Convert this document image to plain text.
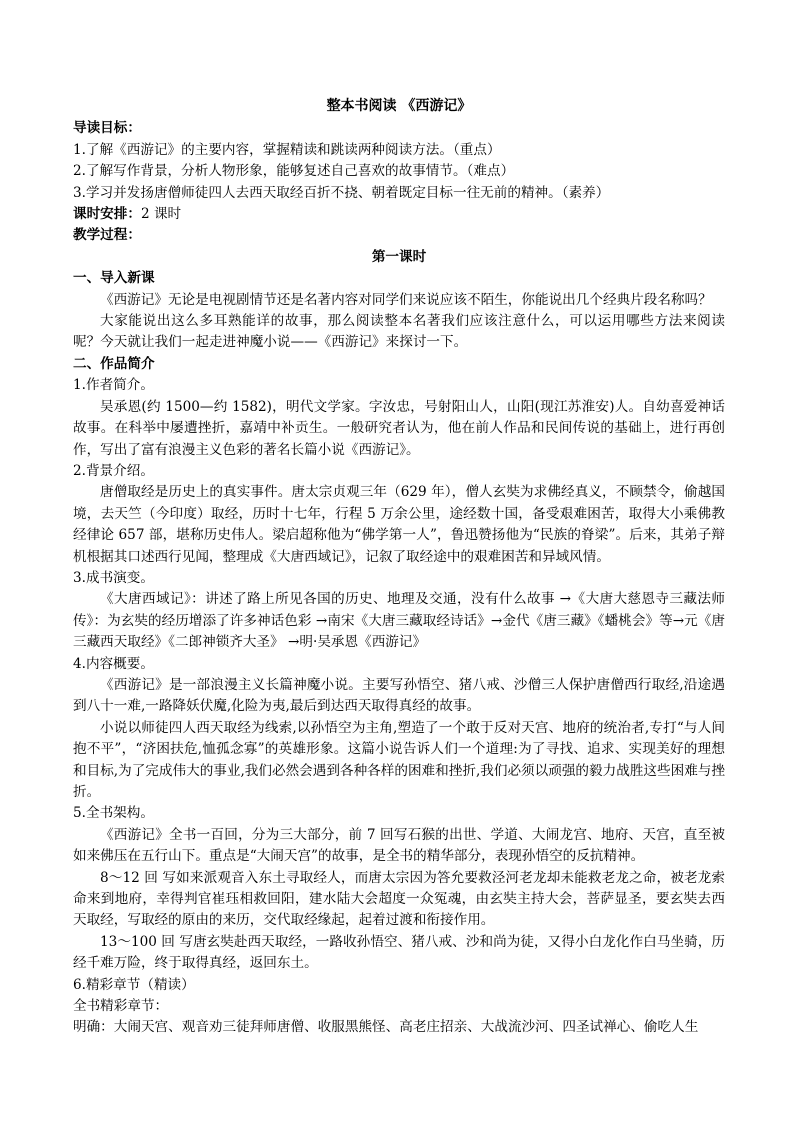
整本书阅读 《西游记》

导读目标：

1.了解《西游记》的主要内容，掌握精读和跳读两种阅读方法。（重点）

2.了解写作背景，分析人物形象，能够复述自己喜欢的故事情节。（难点）

3.学习并发扬唐僧师徒四人去西天取经百折不挠、朝着既定目标一往无前的精神。（素养）

课时安排：2 课时

教学过程：

第一课时

一、导入新课

《西游记》无论是电视剧情节还是名著内容对同学们来说应该不陌生，你能说出几个经典片段名称吗？

大家能说出这么多耳熟能详的故事，那么阅读整本名著我们应该注意什么，可以运用哪些方法来阅读呢？今天就让我们一起走进神魔小说——《西游记》来探讨一下。

二、作品简介

1.作者简介。

吴承恩(约 1500—约 1582)，明代文学家。字汝忠，号射阳山人，山阳(现江苏淮安)人。自幼喜爱神话故事。在科举中屡遭挫折，嘉靖中补贡生。一般研究者认为，他在前人作品和民间传说的基础上，进行再创作，写出了富有浪漫主义色彩的著名长篇小说《西游记》。

2.背景介绍。

唐僧取经是历史上的真实事件。唐太宗贞观三年（629 年），僧人玄奘为求佛经真义，不顾禁令，偷越国境，去天竺（今印度）取经，历时十七年，行程 5 万余公里，途经数十国，备受艰难困苦，取得大小乘佛教经律论 657 部，堪称历史伟人。梁启超称他为“佛学第一人”，鲁迅赞扬他为“民族的脊梁”。后来，其弟子辩机根据其口述西行见闻，整理成《大唐西域记》，记叙了取经途中的艰难困苦和异域风情。

3.成书演变。

《大唐西域记》：讲述了路上所见各国的历史、地理及交通，没有什么故事 →《大唐大慈恩寺三藏法师传》：为玄奘的经历增添了许多神话色彩 →南宋《大唐三藏取经诗话》→金代《唐三藏》《蟠桃会》等→元《唐三藏西天取经》《二郎神锁齐大圣》 →明·吴承恩《西游记》

4.内容概要。

《西游记》是一部浪漫主义长篇神魔小说。主要写孙悟空、猪八戒、沙僧三人保护唐僧西行取经,沿途遇到八十一难,一路降妖伏魔,化险为夷,最后到达西天取得真经的故事。

小说以师徒四人西天取经为线索,以孙悟空为主角,塑造了一个敢于反对天宫、地府的统治者,专打“与人间抱不平”，“济困扶危,恤孤念寡”的英雄形象。这篇小说告诉人们一个道理:为了寻找、追求、实现美好的理想和目标,为了完成伟大的事业,我们必然会遇到各种各样的困难和挫折,我们必须以顽强的毅力战胜这些困难与挫折。

5.全书架构。

《西游记》全书一百回，分为三大部分，前 7 回写石猴的出世、学道、大闹龙宫、地府、天宫，直至被如来佛压在五行山下。重点是“大闹天宫”的故事，是全书的精华部分，表现孙悟空的反抗精神。

8～12 回 写如来派观音入东土寻取经人，而唐太宗因为答允要救泾河老龙却未能救老龙之命，被老龙索命来到地府，幸得判官崔珏相救回阳，建水陆大会超度一众冤魂，由玄奘主持大会，菩萨显圣，要玄奘去西天取经，写取经的原由的来历，交代取经缘起，起着过渡和衔接作用。

13～100 回 写唐玄奘赴西天取经，一路收孙悟空、猪八戒、沙和尚为徒，又得小白龙化作白马坐骑，历经千难万险，终于取得真经，返回东土。

6.精彩章节（精读）

全书精彩章节：

明确：大闹天宫、观音劝三徒拜师唐僧、收服黑熊怪、高老庄招亲、大战流沙河、四圣试禅心、偷吃人生
